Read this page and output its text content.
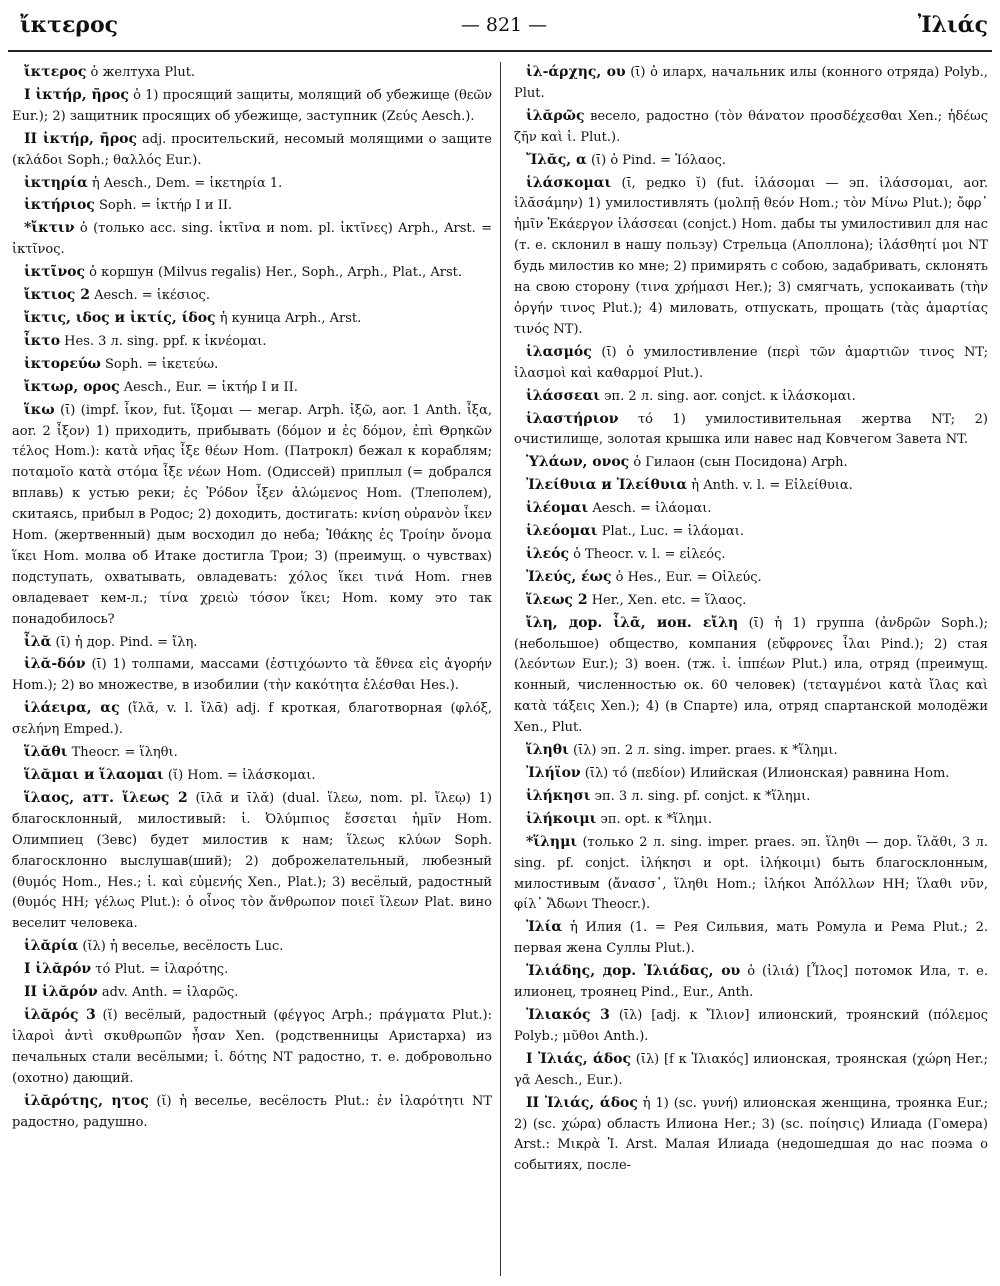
ἴκτερος	— 821 —	Ἰλιάς

ἴκτερος ὁ желтуха Plut.

I ἰκτήρ, ῆρος ὁ 1) просящий защиты, молящий об убежище (θεῶν Eur.); 2) защитник просящих об убежище, заступник (Ζεύς Aesch.).

II ἰκτήρ, ῆρος adj. просительский, несомый молящими о защите (κλάδοι Soph.; θαλλός Eur.).

ἰκτηρία ἡ Aesch., Dem. = ἱκετηρία 1.

ἰκτήριος Soph. = ἰκτήρ I и II.

*ἴκτιν ὁ (только acc. sing. ἰκτῖνα и nom. pl. ἰκτῖνες) Arph., Arst. = ἰκτῖνος.

ἰκτῖνος ὁ коршун (Milvus regalis) Her., Soph., Arph., Plat., Arst.

ἴκτιος 2 Aesch. = ἱκέσιος.

ἴκτις, ιδος и ἰκτίς, ίδος ἡ куница Arph., Arst.

ἶκτο Hes. 3 л. sing. ppf. к ἱκνέομαι.

ἰκτορεύω Soph. = ἱκετεύω.

ἴκτωρ, ορος Aesch., Eur. = ἰκτήρ I и II.

ἵκω (ῑ) (impf. ἶκον, fut. ἵξομαι — мегар. Arph. ἰξῶ, aor. 1 Anth. ἶξα, aor. 2 ἶξον) 1) приходить, прибывать (δόμον и ἐς δόμον, ἐπὶ Θρηκῶν τέλος Hom.): κατὰ νῆας ἶξε θέων Hom. (Патрокл) бежал к кораблям; ποταμοῖο κατὰ στόμα ἶξε νέων Hom. (Одиссей) приплыл (= добрался вплавь) к устью реки; ἐς Ῥόδον ἶξεν ἀλώμενος Hom. (Тлеполем), скитаясь, прибыл в Родос; 2) доходить, достигать: κνίση οὐρανὸν ἷκεν Hom. (жертвенный) дым восходил до неба; Ἰθάκης ἐς Τροίην ὄνομα ἵκει Hom. молва об Итаке достигла Трои; 3) (преимущ. о чувствах) подступать, охватывать, овладевать: χόλος ἵκει τινά Hom. гнев овладевает кем-л.; τίνα χρειὼ τόσον ἵκει; Hom. кому это так понадобилось?

ἶλᾰ (ῑ) ἡ дор. Pind. = ἴλη.

ἰλᾰ-δόν (ῑ) 1) толпами, массами (ἐστιχόωντο τὰ ἔθνεα εἰς ἀγορήν Hom.); 2) во множестве, в изобилии (τὴν κακότητα ἑλέσθαι Hes.).

ἱλάειρα, ας (ἴλᾰ, v. l. ἴλᾱ) adj. f кроткая, благотворная (φλόξ, σελήνη Emped.).

ἵλᾰθι Theocr. = ἵληθι.

ἵλᾰμαι и ἵλαομαι (ῐ) Hom. = ἱλάσκομαι.

ἵλαος, атт. ἵλεως 2 (ῑλᾱ и ῑλᾰ) (dual. ἵλεω, nom. pl. ἵλεῳ) 1) благосклонный, милостивый: ἰ. Ὀλύμπιος ἔσσεται ἡμῖν Hom. Олимпиец (Зевс) будет милостив к нам; ἵλεως κλύων Soph. благосклонно выслушав(ший); 2) доброжелательный, любезный (θυμός Hom., Hes.; ἰ. καὶ εὐμενής Xen., Plat.); 3) весёлый, радостный (θυμός HH; γέλως Plut.): ὁ οἶνος τὸν ἄνθρωπον ποιεῖ ἵλεων Plat. вино веселит человека.

ἱλᾰρία (ῐλ) ἡ веселье, весёлость Luc.

I ἱλᾰρόν τό Plut. = ἱλαρότης.

II ἱλᾰρόν adv. Anth. = ἱλαρῶς.

ἱλᾰρός 3 (ῐ) весёлый, радостный (φέγγος Arph.; πράγματα Plut.): ἱλαροὶ ἀντὶ σκυθρωπῶν ἦσαν Xen. (родственницы Аристарха) из печальных стали весёлыми; ἱ. δότης NT радостно, т. е. добровольно (охотно) дающий.

ἱλᾰρότης, ητος (ῐ) ἡ веселье, весёлость Plut.: ἐν ἱλαρότητι NT радостно, радушно.

ἰλ-άρχης, ου (ῑ) ὁ иларх, начальник илы (конного отряда) Polyb., Plut.

ἱλᾰρῶς весело, радостно (τὸν θάνατον προσδέχεσθαι Xen.; ἡδέως ζῆν καὶ ἱ. Plut.).

Ἴλᾰς, α (ῑ) ὁ Pind. = Ἰόλαος.

ἱλάσκομαι (ῑ, редко ῐ) (fut. ἱλάσομαι — эп. ἱλάσσομαι, aor. ἱλᾰσάμην) 1) умилостивлять (μολπῇ θεόν Hom.; τὸν Μίνω Plut.); ὄφρ᾽ ἡμῖν Ἑκάεργον ἱλάσσεαι (conjct.) Hom. дабы ты умилостивил для нас (т. е. склонил в нашу пользу) Стрельца (Аполлона); ἱλάσθητί μοι NT будь милостив ко мне; 2) примирять с собою, задабривать, склонять на свою сторону (τινα χρήμασι Her.); 3) смягчать, успокаивать (τὴν ὀργήν τινος Plut.); 4) миловать, отпускать, прощать (τὰς ἁμαρτίας τινός NT).

ἱλασμός (ῑ) ὁ умилостивление (περὶ τῶν ἁμαρτιῶν τινος NT; ἱλασμοὶ καὶ καθαρμοί Plut.).

ἱλάσσεαι эп. 2 л. sing. aor. conjct. к ἱλάσκομαι.

ἱλαστήριον τό 1) умилостивительная жертва NT; 2) очистилище, золотая крышка или навес над Ковчегом Завета NT.

Ὑλάων, ονος ὁ Гилаон (сын Посидона) Arph.

Ἰλείθυια и Ἰλείθυια ἡ Anth. v. l. = Εἰλείθυια.

ἱλέομαι Aesch. = ἱλάομαι.

ἱλεόομαι Plat., Luc. = ἱλάομαι.

ἱλεός ὁ Theocr. v. l. = εἰλεός.

Ἰλεύς, έως ὁ Hes., Eur. = Οἰλεύς.

ἵλεως 2 Her., Xen. etc. = ἵλαος.

ἴλη, дор. ἶλᾱ, ион. εἴλη (ῑ) ἡ 1) группа (ἀνδρῶν Soph.); (небольшое) общество, компания (εὔφρονες ἶλαι Pind.); 2) стая (λεόντων Eur.); 3) воен. (тж. ἰ. ἱππέων Plut.) ила, отряд (преимущ. конный, численностью ок. 60 человек) (τεταγμένοι κατὰ ἴλας καὶ κατὰ τάξεις Xen.); 4) (в Спарте) ила, отряд спартанской молодёжи Xen., Plut.

ἵληθι (ῑλ) эп. 2 л. sing. imper. praes. к *ἵλημι.

Ἰλήϊον (ῑλ) τό (πεδίον) Илийская (Илионская) равнина Hom.

ἱλήκησι эп. 3 л. sing. pf. conjct. к *ἵλημι.

ἱλήκοιμι эп. opt. к *ἵλημι.

*ἵλημι (только 2 л. sing. imper. praes. эп. ἵληθι — дор. ἵλᾰθι, 3 л. sing. pf. conjct. ἱλήκησι и opt. ἱλήκοιμι) быть благосклонным, милостивым (ἄνασσ᾽, ἵληθι Hom.; ἱλήκοι Ἀπόλλων HH; ἵλαθι νῦν, φίλ᾽ Ἄδωνι Theocr.).

Ἰλία ἡ Илия (1. = Рея Сильвия, мать Ромула и Рема Plut.; 2. первая жена Суллы Plut.).

Ἰλιάδης, дор. Ἰλιάδας, ου ὁ (ἰλιά) [Ἶλος] потомок Ила, т. е. илионец, троянец Pind., Eur., Anth.

Ἰλιακός 3 (ῑλ) [adj. к Ἴλιον] илионский, троянский (πόλεμος Polyb.; μῦθοι Anth.).

I Ἰλιάς, άδος (ῑλ) [f к Ἰλιακός] илионская, троянская (χώρη Her.; γᾶ Aesch., Eur.).

II Ἰλιάς, άδος ἡ 1) (sc. γυνή) илионская женщина, троянка Eur.; 2) (sc. χώρα) область Илиона Her.; 3) (sc. ποίησις) Илиада (Гомера) Arst.: Μικρὰ Ἰ. Arst. Малая Илиада (недошедшая до нас поэма о событиях, после-
